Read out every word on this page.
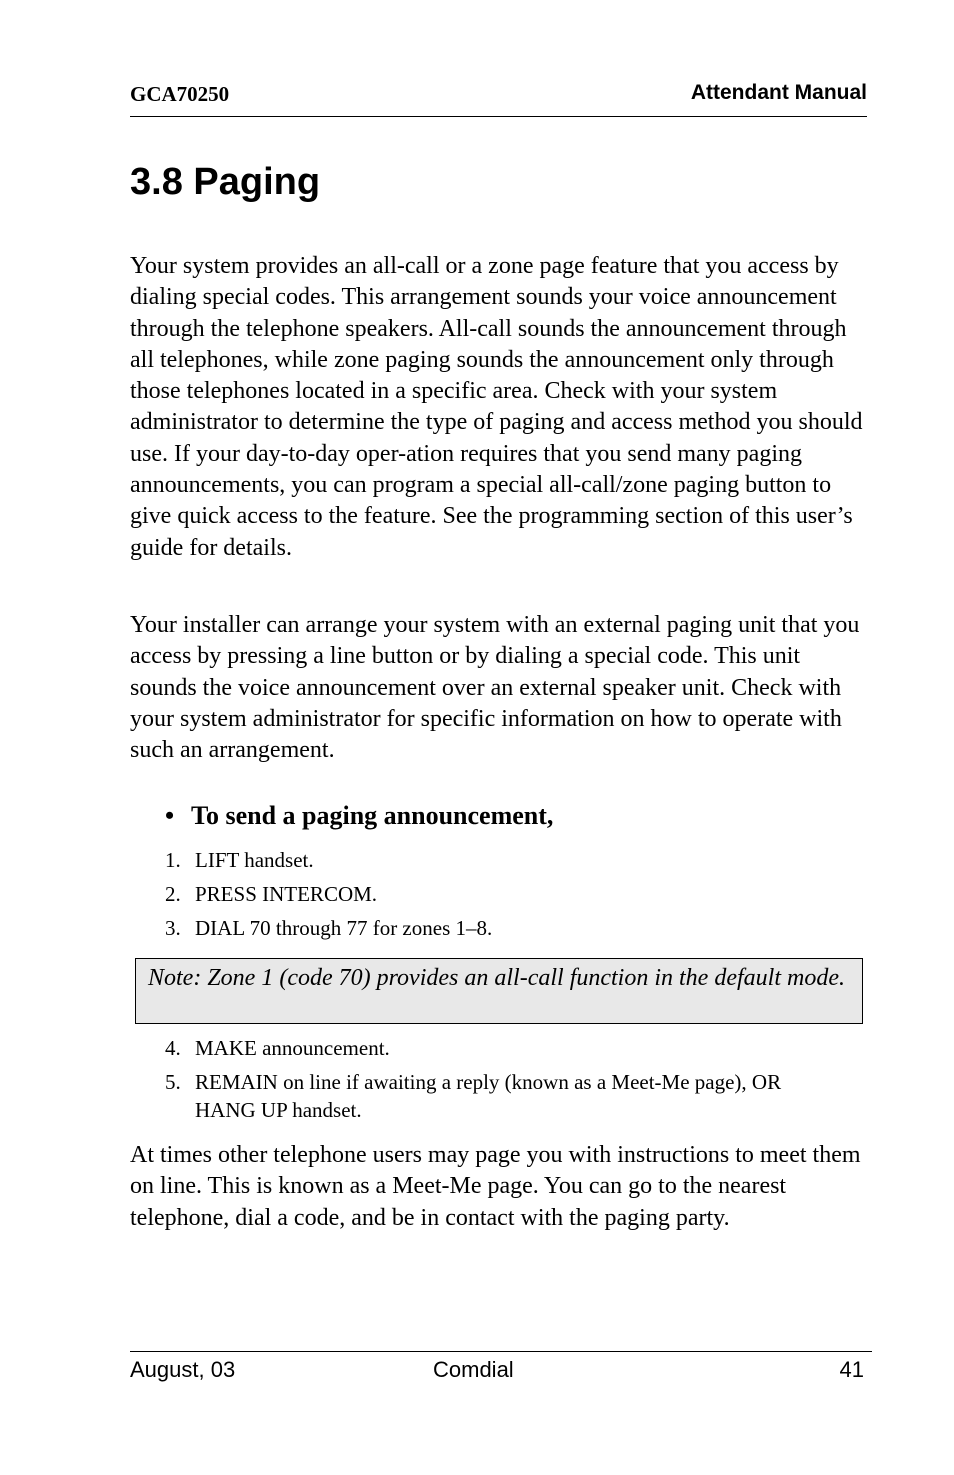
GCA70250	Attendant Manual
3.8 Paging

Your system provides an all-call or a zone page feature that you access by dialing special codes. This arrangement sounds your voice announcement through the telephone speakers. All-call sounds the announcement through all telephones, while zone paging sounds the announcement only through those telephones located in a specific area. Check with your system administrator to determine the type of paging and access method you should use. If your day-to-day oper-ation requires that you send many paging announcements, you can program a special all-call/zone paging button to give quick access to the feature. See the programming section of this user’s guide for details.

Your installer can arrange your system with an external paging unit that you access by pressing a line button or by dialing a special code. This unit sounds the voice announcement over an external speaker unit. Check with your system administrator for specific information on how to operate with such an arrangement.

• To send a paging announcement,
1. LIFT handset.
2. PRESS INTERCOM.
3. DIAL 70 through 77 for zones 1–8.
Note: Zone 1 (code 70) provides an all-call function in the default mode.
4. MAKE announcement.
5. REMAIN on line if awaiting a reply (known as a Meet-Me page), OR
HANG UP handset.

At times other telephone users may page you with instructions to meet them on line. This is known as a Meet-Me page. You can go to the nearest telephone, dial a code, and be in contact with the paging party.

August, 03	Comdial	41
